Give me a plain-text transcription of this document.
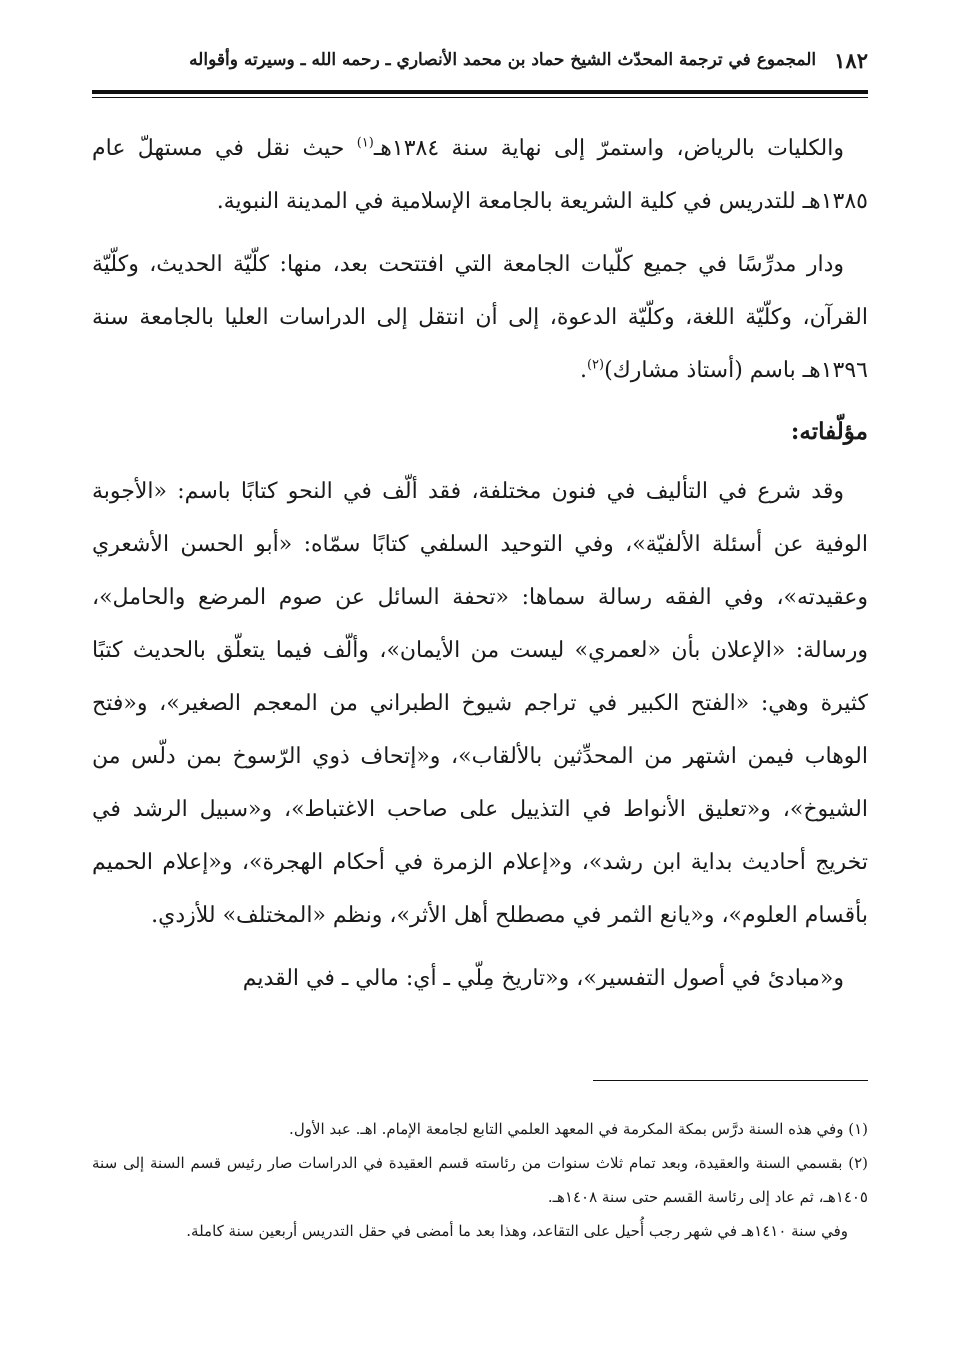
١٨٢
المجموع في ترجمة المحدّث الشيخ حماد بن محمد الأنصاري ـ رحمه الله ـ وسيرته وأقواله

والكليات بالرياض، واستمرّ إلى نهاية سنة ١٣٨٤هـ$^{(١)}$ حيث نقل في مستهلّ عام ١٣٨٥هـ للتدريس في كلية الشريعة بالجامعة الإسلامية في المدينة النبوية.

ودار مدرِّسًا في جميع كلّيات الجامعة التي افتتحت بعد، منها: كلّيّة الحديث، وكلّيّة القرآن، وكلّيّة اللغة، وكلّيّة الدعوة، إلى أن انتقل إلى الدراسات العليا بالجامعة سنة ١٣٩٦هـ باسم (أستاذ مشارك)$^{(٢)}$.

مؤلّفاته:

وقد شرع في التأليف في فنون مختلفة، فقد ألّف في النحو كتابًا باسم: «الأجوبة الوفية عن أسئلة الألفيّة»، وفي التوحيد السلفي كتابًا سمّاه: «أبو الحسن الأشعري وعقيدته»، وفي الفقه رسالة سماها: «تحفة السائل عن صوم المرضع والحامل»، ورسالة: «الإعلان بأن «لعمري» ليست من الأيمان»، وألّف فيما يتعلّق بالحديث كتبًا كثيرة وهي: «الفتح الكبير في تراجم شيوخ الطبراني من المعجم الصغير»، و«فتح الوهاب فيمن اشتهر من المحدِّثين بالألقاب»، و«إتحاف ذوي الرّسوخ بمن دلّس من الشيوخ»، و«تعليق الأنواط في التذييل على صاحب الاغتباط»، و«سبيل الرشد في تخريج أحاديث بداية ابن رشد»، و«إعلام الزمرة في أحكام الهجرة»، و«إعلام الحميم بأقسام العلوم»، و«يانع الثمر في مصطلح أهل الأثر»، ونظم «المختلف» للأزدي.

و«مبادئ في أصول التفسير»، و«تاريخ مِلّي ـ أي: مالي ـ في القديم

(١) وفي هذه السنة درَّس بمكة المكرمة في المعهد العلمي التابع لجامعة الإمام. اهـ. عبد الأول.

(٢) بقسمي السنة والعقيدة، وبعد تمام ثلاث سنوات من رئاسته قسم العقيدة في الدراسات صار رئيس قسم السنة إلى سنة ١٤٠٥هـ، ثم عاد إلى رئاسة القسم حتى سنة ١٤٠٨هـ.

وفي سنة ١٤١٠هـ في شهر رجب أُحيل على التقاعد، وهذا بعد ما أمضى في حقل التدريس أربعين سنة كاملة.
